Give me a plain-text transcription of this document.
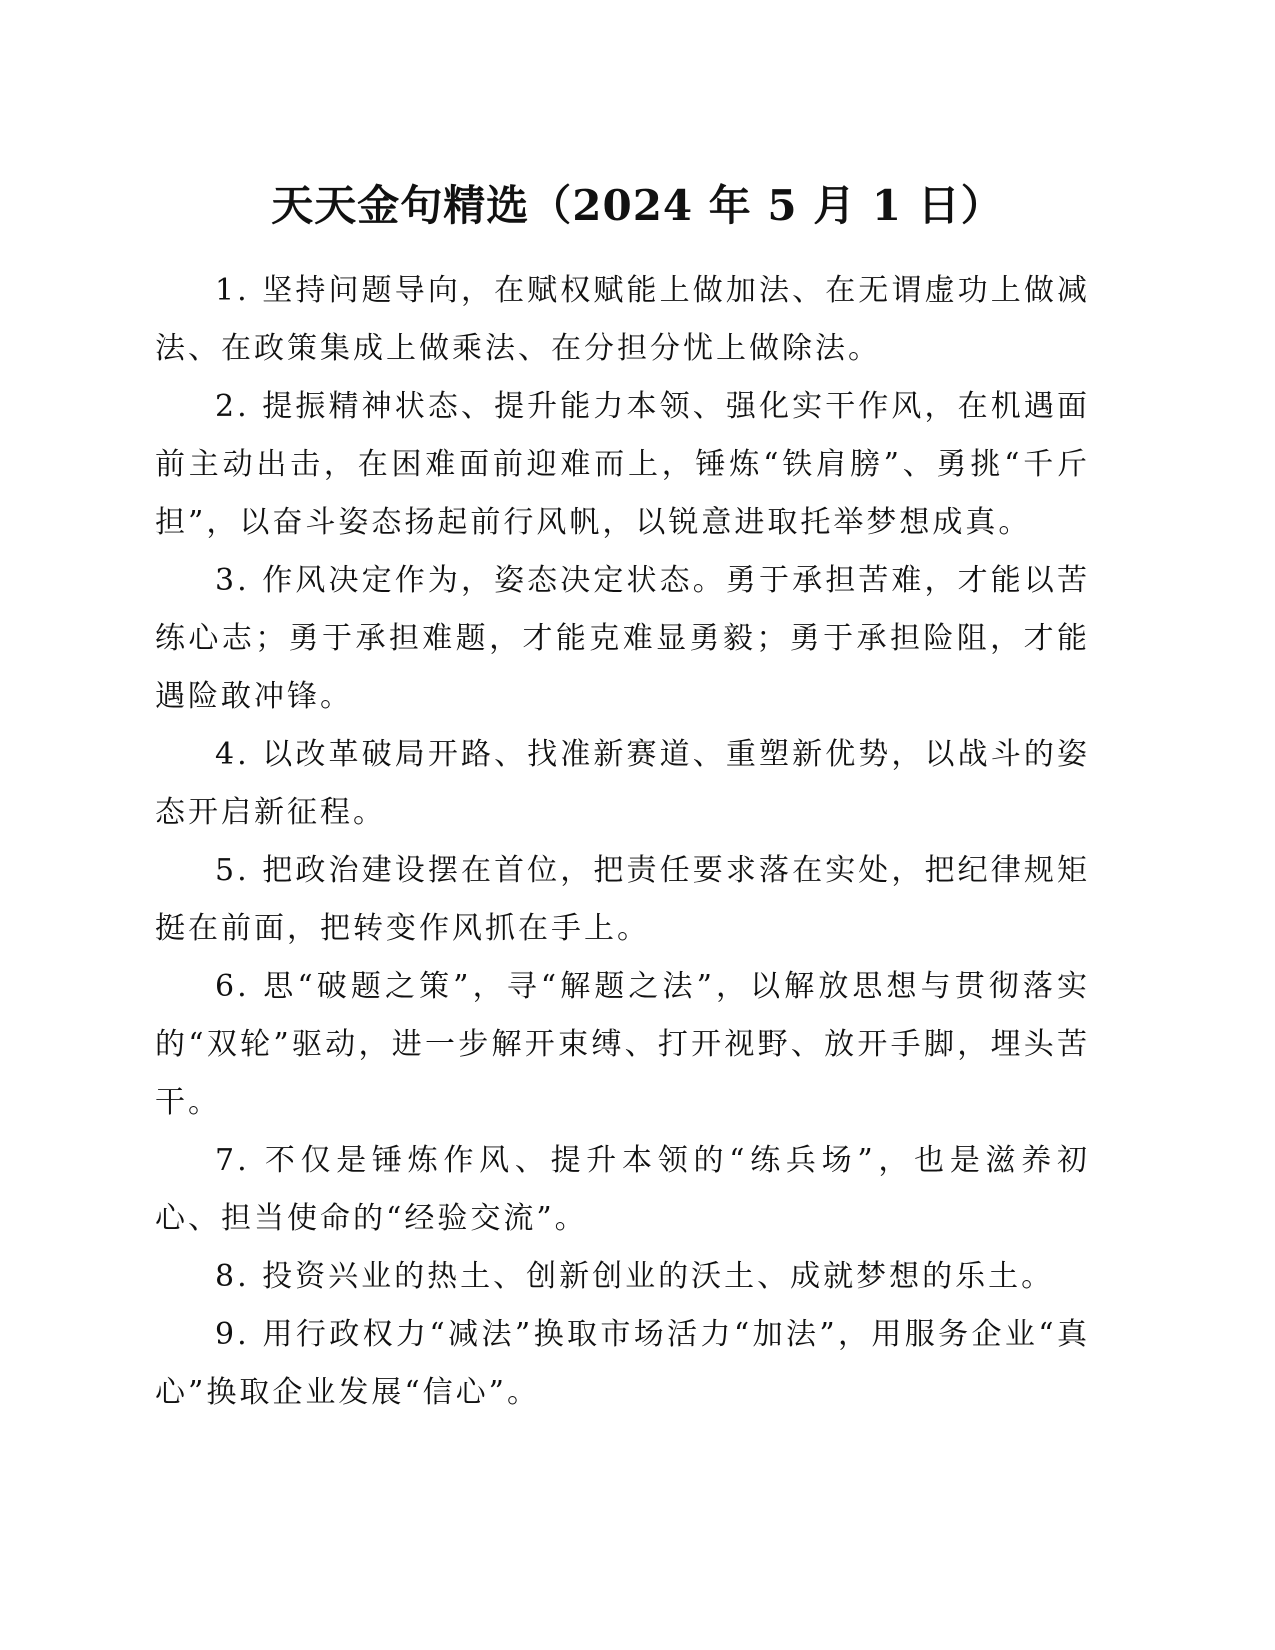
天天金句精选（2024 年 5 月 1 日）

1. 坚持问题导向，在赋权赋能上做加法、在无谓虚功上做减法、在政策集成上做乘法、在分担分忧上做除法。

2. 提振精神状态、提升能力本领、强化实干作风，在机遇面前主动出击，在困难面前迎难而上，锤炼“铁肩膀”、勇挑“千斤担”，以奋斗姿态扬起前行风帆，以锐意进取托举梦想成真。

3. 作风决定作为，姿态决定状态。勇于承担苦难，才能以苦练心志；勇于承担难题，才能克难显勇毅；勇于承担险阻，才能遇险敢冲锋。

4. 以改革破局开路、找准新赛道、重塑新优势，以战斗的姿态开启新征程。

5. 把政治建设摆在首位，把责任要求落在实处，把纪律规矩挺在前面，把转变作风抓在手上。

6. 思“破题之策”，寻“解题之法”，以解放思想与贯彻落实的“双轮”驱动，进一步解开束缚、打开视野、放开手脚，埋头苦干。

7. 不仅是锤炼作风、提升本领的“练兵场”，也是滋养初心、担当使命的“经验交流”。

8. 投资兴业的热土、创新创业的沃土、成就梦想的乐土。

9. 用行政权力“减法”换取市场活力“加法”，用服务企业“真心”换取企业发展“信心”。
